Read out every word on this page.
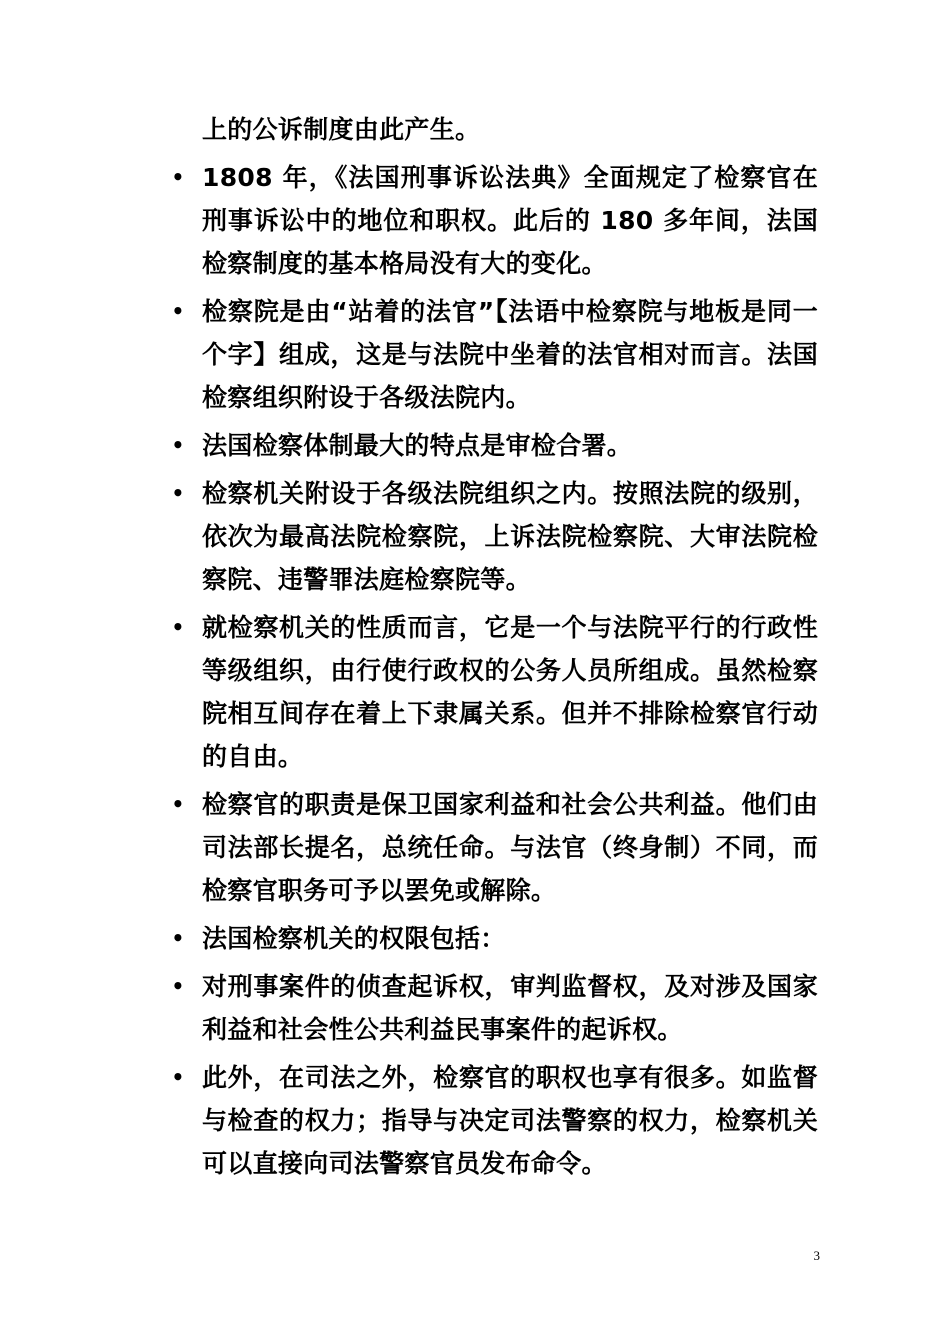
上的公诉制度由此产生。
• 1808 年，《法国刑事诉讼法典》全面规定了检察官在刑事诉讼中的地位和职权。此后的 180 多年间，法国检察制度的基本格局没有大的变化。
• 检察院是由“站着的法官”【法语中检察院与地板是同一个字】组成，这是与法院中坐着的法官相对而言。法国检察组织附设于各级法院内。
• 法国检察体制最大的特点是审检合署。
• 检察机关附设于各级法院组织之内。按照法院的级别，依次为最高法院检察院，上诉法院检察院、大审法院检察院、违警罪法庭检察院等。
• 就检察机关的性质而言，它是一个与法院平行的行政性等级组织，由行使行政权的公务人员所组成。虽然检察院相互间存在着上下隶属关系。但并不排除检察官行动的自由。
• 检察官的职责是保卫国家利益和社会公共利益。他们由司法部长提名，总统任命。与法官（终身制）不同，而检察官职务可予以罢免或解除。
• 法国检察机关的权限包括：
• 对刑事案件的侦查起诉权，审判监督权，及对涉及国家利益和社会性公共利益民事案件的起诉权。
• 此外，在司法之外，检察官的职权也享有很多。如监督与检查的权力；指导与决定司法警察的权力，检察机关可以直接向司法警察官员发布命令。
3
